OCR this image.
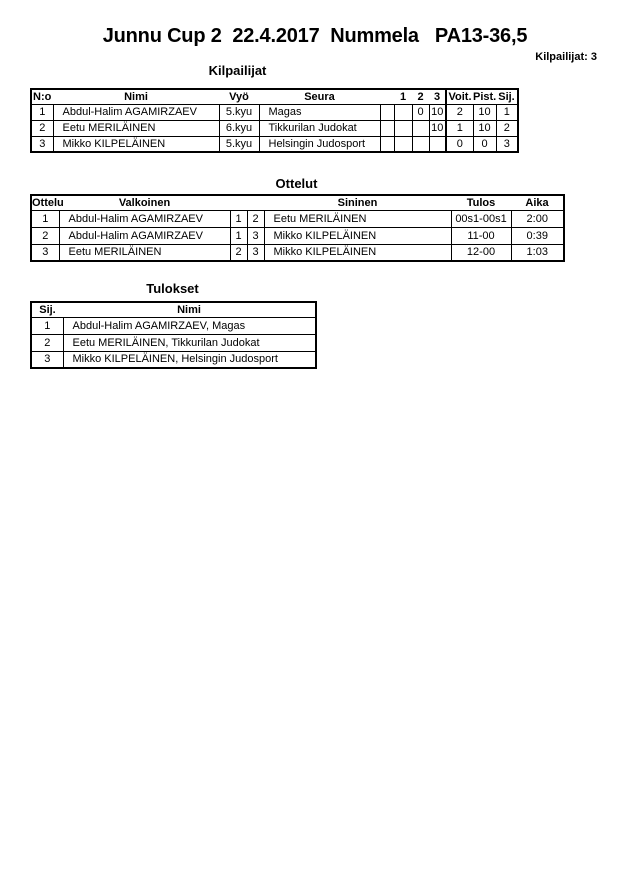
Junnu Cup 2  22.4.2017  Nummela   PA13-36,5
Kilpailijat: 3
Kilpailijat
N:o	Nimi	Vyö	Seura		1	2	3	Voit.	Pist.	Sij.
1	Abdul-Halim AGAMIRZAEV	5.kyu	Magas			0	10	2	10	1
2	Eetu MERILÄINEN	6.kyu	Tikkurilan Judokat				10	1	10	2
3	Mikko KILPELÄINEN	5.kyu	Helsingin Judosport					0	0	3
Ottelut
Ottelu	Valkoinen			Sininen	Tulos	Aika
1	Abdul-Halim AGAMIRZAEV	1	2	Eetu MERILÄINEN	00s1-00s1	2:00
2	Abdul-Halim AGAMIRZAEV	1	3	Mikko KILPELÄINEN	11-00	0:39
3	Eetu MERILÄINEN	2	3	Mikko KILPELÄINEN	12-00	1:03
Tulokset
Sij.	Nimi
1	Abdul-Halim AGAMIRZAEV, Magas
2	Eetu MERILÄINEN, Tikkurilan Judokat
3	Mikko KILPELÄINEN, Helsingin Judosport
